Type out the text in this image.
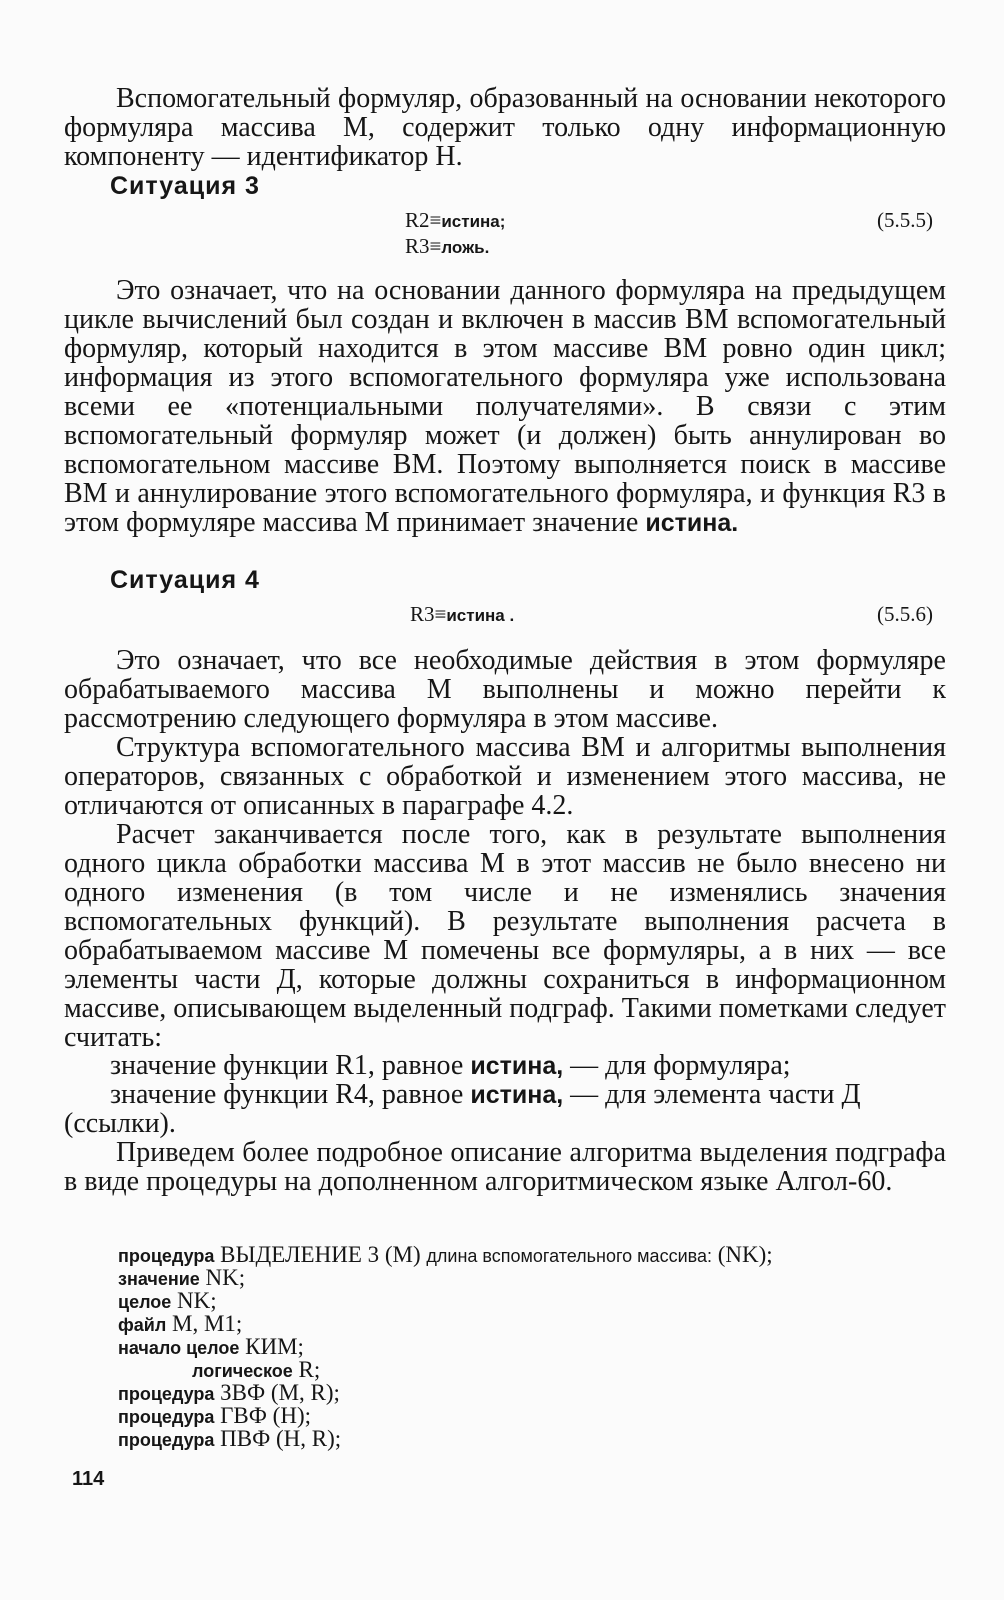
Вспомогательный формуляр, образованный на основании некоторого формуляра массива М, содержит только одну информационную компоненту — идентификатор Н.

Ситуация 3
R2≡истина;
R3≡ложь.
(5.5.5)

Это означает, что на основании данного формуляра на предыдущем цикле вычислений был создан и включен в массив ВМ вспомогательный формуляр, который находится в этом массиве ВМ ровно один цикл; информация из этого вспомогательного формуляра уже использована всеми ее «потенциальными получателями». В связи с этим вспомогательный формуляр может (и должен) быть аннулирован во вспомогательном массиве ВМ. Поэтому выполняется поиск в массиве ВМ и аннулирование этого вспомогательного формуляра, и функция R3 в этом формуляре массива М принимает значение истина.

Ситуация 4
R3≡истина .	(5.5.6)

Это означает, что все необходимые действия в этом формуляре обрабатываемого массива М выполнены и можно перейти к рассмотрению следующего формуляра в этом массиве.

Структура вспомогательного массива ВМ и алгоритмы выполнения операторов, связанных с обработкой и изменением этого массива, не отличаются от описанных в параграфе 4.2.

Расчет заканчивается после того, как в результате выполнения одного цикла обработки массива М в этот массив не было внесено ни одного изменения (в том числе и не изменялись значения вспомогательных функций). В результате выполнения расчета в обрабатываемом массиве М помечены все формуляры, а в них — все элементы части Д, которые должны сохраниться в информационном массиве, описывающем выделенный подграф. Такими пометками следует считать:

значение функции R1, равное истина, — для формуляра;
значение функции R4, равное истина, — для элемента части Д
(ссылки).

Приведем более подробное описание алгоритма выделения подграфа в виде процедуры на дополненном алгоритмическом языке Алгол-60.

процедура ВЫДЕЛЕНИЕ 3 (М) длина вспомогательного массива: (NK);
значение NK;
целое NK;
файл М, М1;
начало целое КИМ;
логическое R;
процедура ЗВФ (М, R);
процедура ГВФ (Н);
процедура ПВФ (Н, R);
114
